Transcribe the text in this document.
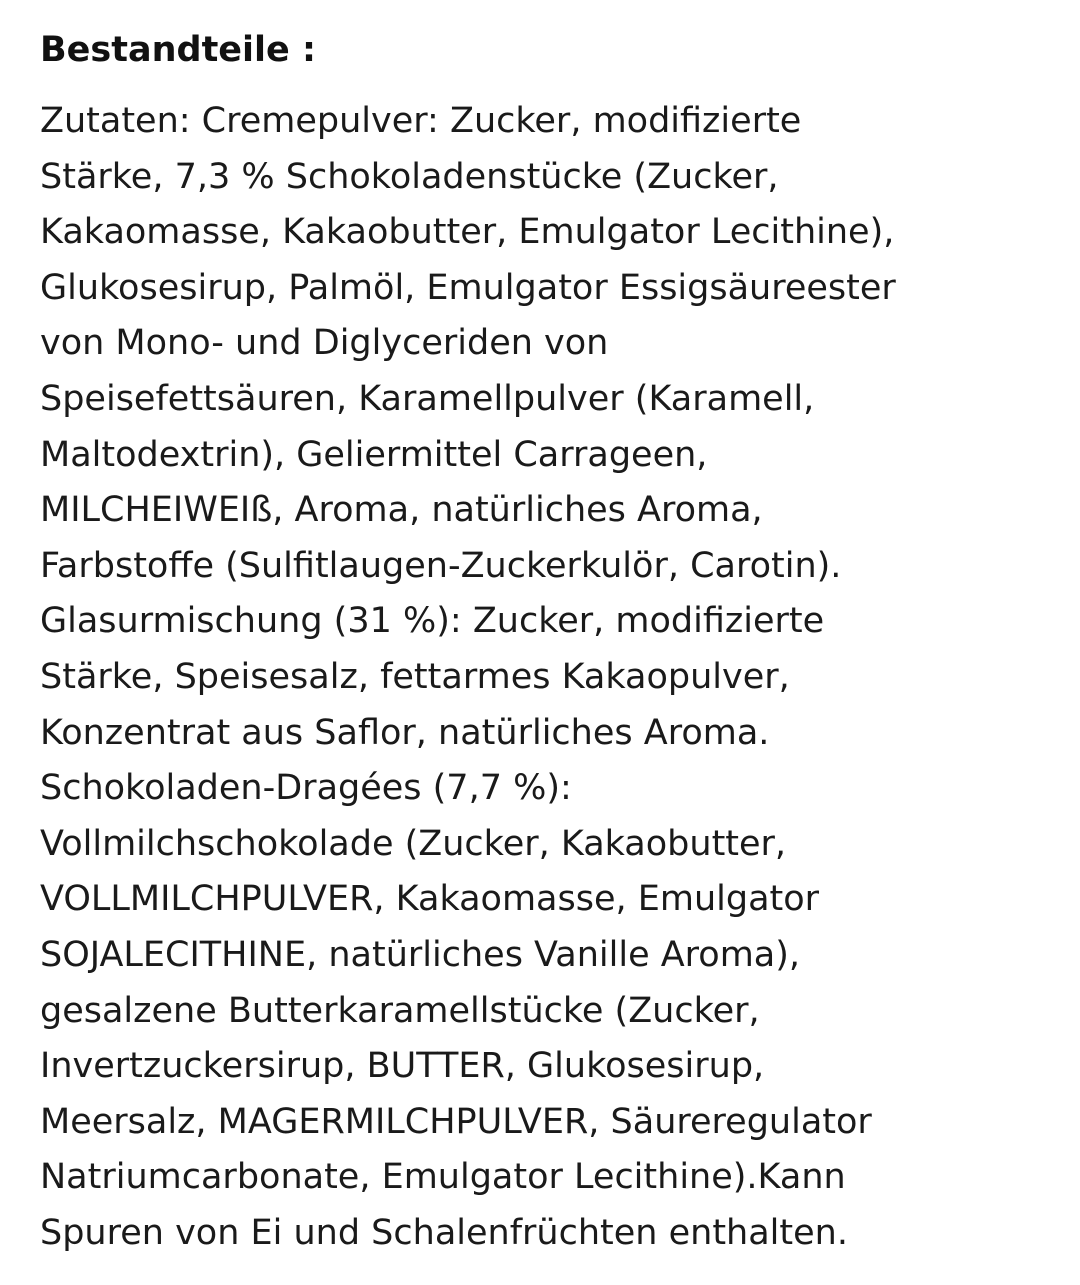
Bestandteile :

Zutaten: Cremepulver: Zucker, modifizierte
Stärke, 7,3 % Schokoladenstücke (Zucker,
Kakaomasse, Kakaobutter, Emulgator Lecithine),
Glukosesirup, Palmöl, Emulgator Essigsäureester
von Mono- und Diglyceriden von
Speisefettsäuren, Karamellpulver (Karamell,
Maltodextrin), Geliermittel Carrageen,
MILCHEIWEIß, Aroma, natürliches Aroma,
Farbstoffe (Sulfitlaugen-Zuckerkulör, Carotin).
Glasurmischung (31 %): Zucker, modifizierte
Stärke, Speisesalz, fettarmes Kakaopulver,
Konzentrat aus Saflor, natürliches Aroma.
Schokoladen-Dragées (7,7 %):
Vollmilchschokolade (Zucker, Kakaobutter,
VOLLMILCHPULVER, Kakaomasse, Emulgator
SOJALECITHINE, natürliches Vanille Aroma),
gesalzene Butterkaramellstücke (Zucker,
Invertzuckersirup, BUTTER, Glukosesirup,
Meersalz, MAGERMILCHPULVER, Säureregulator
Natriumcarbonate, Emulgator Lecithine).Kann
Spuren von Ei und Schalenfrüchten enthalten.
